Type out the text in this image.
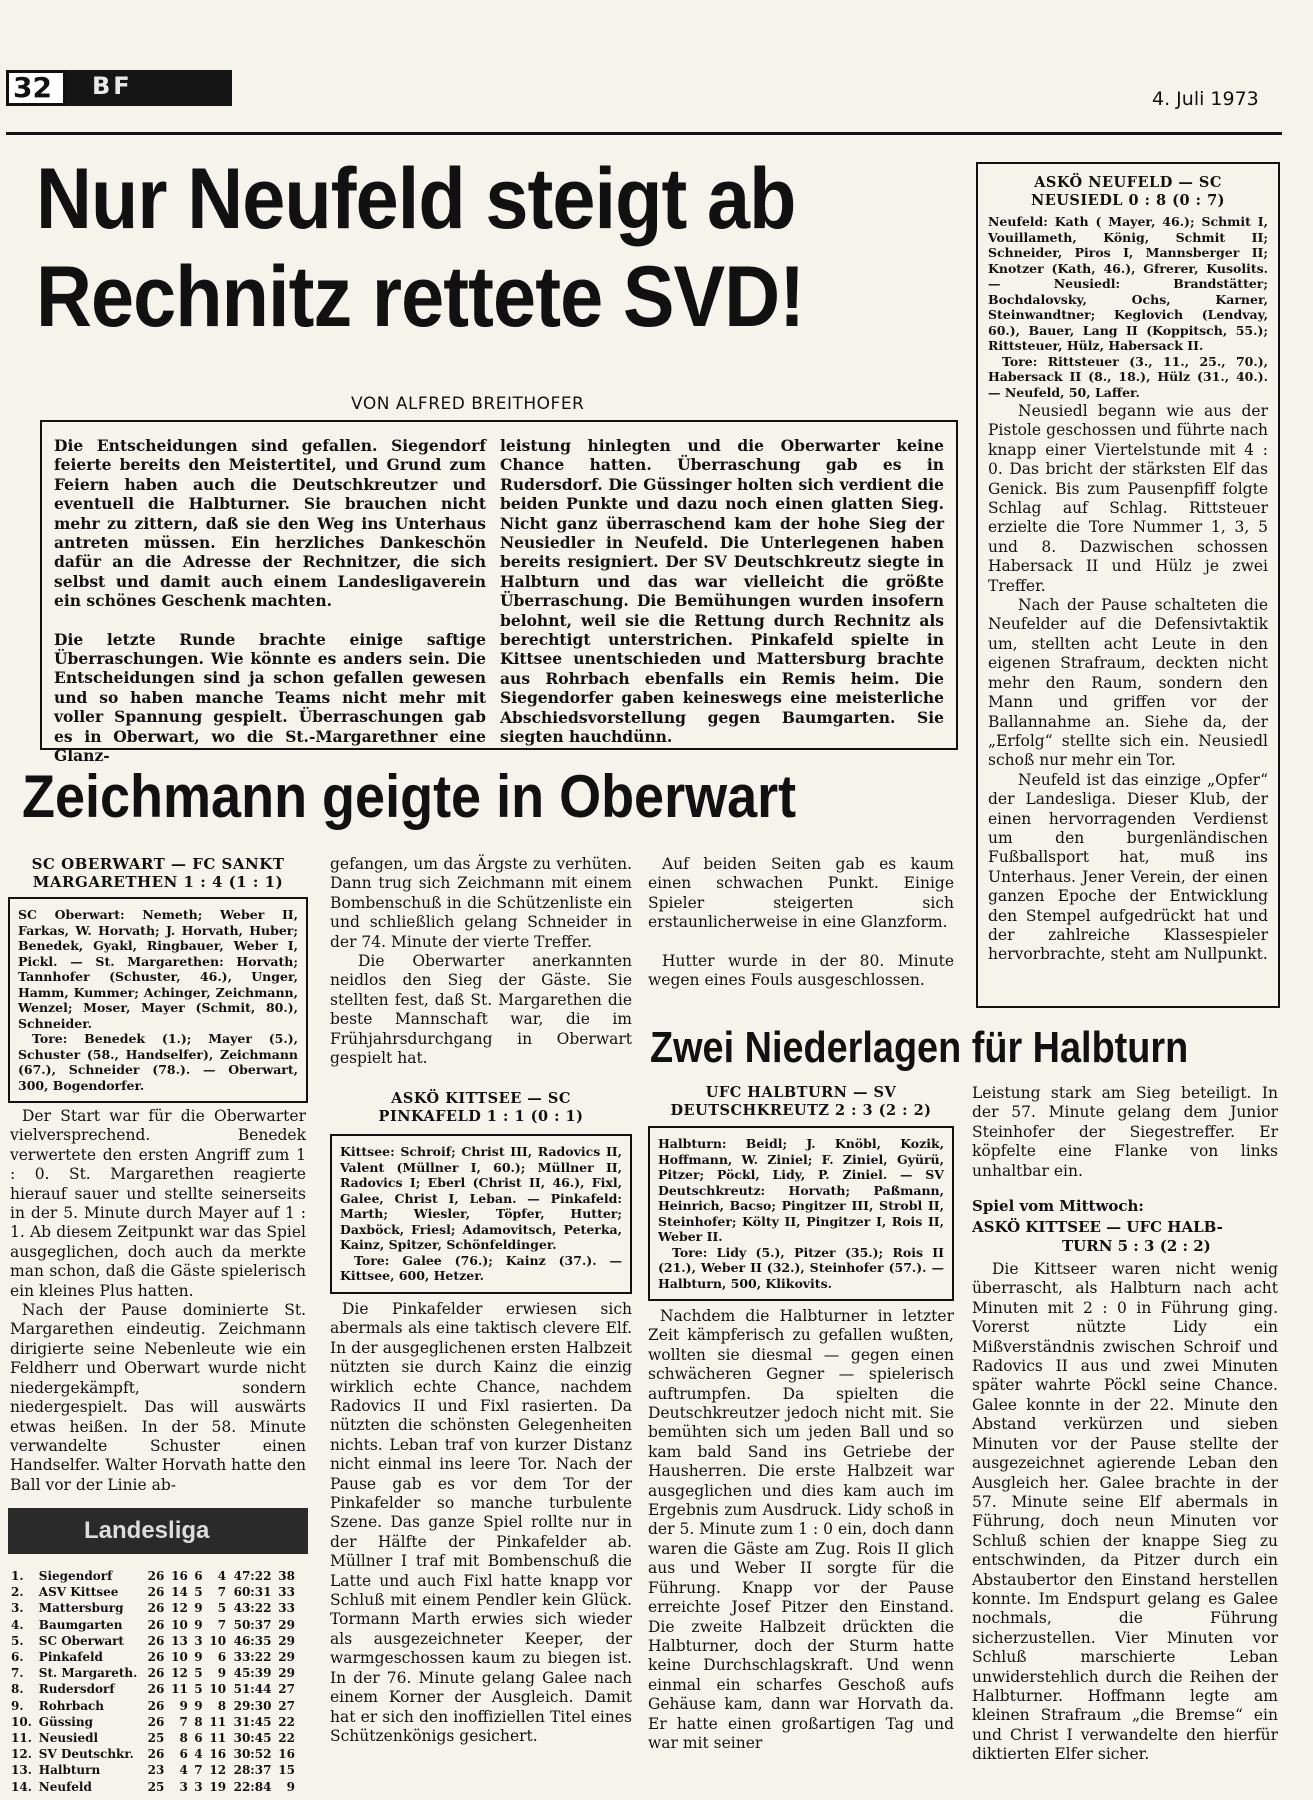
32 BF	4. Juli 1973
Nur Neufeld steigt ab
Rechnitz rettete SVD!
VON ALFRED BREITHOFER

Die Entscheidungen sind gefallen. Siegendorf feierte bereits den Meistertitel, und Grund zum Feiern haben auch die Deutschkreutzer und eventuell die Halbturner. Sie brauchen nicht mehr zu zittern, daß sie den Weg ins Unterhaus antreten müssen. Ein herzliches Dankeschön dafür an die Adresse der Rechnitzer, die sich selbst und damit auch einem Landesligaverein ein schönes Geschenk machten.

Die letzte Runde brachte einige saftige Überraschungen. Wie könnte es anders sein. Die Entscheidungen sind ja schon gefallen gewesen und so haben manche Teams nicht mehr mit voller Spannung gespielt. Überraschungen gab es in Oberwart, wo die St.-Margarethner eine Glanz-

leistung hinlegten und die Oberwarter keine Chance hatten. Überraschung gab es in Rudersdorf. Die Güssinger holten sich verdient die beiden Punkte und dazu noch einen glatten Sieg. Nicht ganz überraschend kam der hohe Sieg der Neusiedler in Neufeld. Die Unterlegenen haben bereits resigniert. Der SV Deutschkreutz siegte in Halbturn und das war vielleicht die größte Überraschung. Die Bemühungen wurden insofern belohnt, weil sie die Rettung durch Rechnitz als berechtigt unterstrichen. Pinkafeld spielte in Kittsee unentschieden und Mattersburg brachte aus Rohrbach ebenfalls ein Remis heim. Die Siegendorfer gaben keineswegs eine meisterliche Abschiedsvorstellung gegen Baumgarten. Sie siegten hauchdünn.

ASKÖ NEUFELD — SC
NEUSIEDL 0 : 8 (0 : 7)
Neufeld: Kath ( Mayer, 46.); Schmit I, Vouillameth, König, Schmit II; Schneider, Piros I, Mannsberger II; Knotzer (Kath, 46.), Gfrerer, Kusolits. — Neusiedl: Brandstätter; Bochdalovsky, Ochs, Karner, Steinwandtner; Keglovich (Lendvay, 60.), Bauer, Lang II (Koppitsch, 55.); Rittsteuer, Hülz, Habersack II.
Tore: Rittsteuer (3., 11., 25., 70.), Habersack II (8., 18.), Hülz (31., 40.). — Neufeld, 50, Laffer.

Neusiedl begann wie aus der Pistole geschossen und führte nach knapp einer Viertelstunde mit 4 : 0. Das bricht der stärksten Elf das Genick. Bis zum Pausenpfiff folgte Schlag auf Schlag. Rittsteuer erzielte die Tore Nummer 1, 3, 5 und 8. Dazwischen schossen Habersack II und Hülz je zwei Treffer.

Nach der Pause schalteten die Neufelder auf die Defensivtaktik um, stellten acht Leute in den eigenen Strafraum, deckten nicht mehr den Raum, sondern den Mann und griffen vor der Ballannahme an. Siehe da, der „Erfolg“ stellte sich ein. Neusiedl schoß nur mehr ein Tor.

Neufeld ist das einzige „Opfer“ der Landesliga. Dieser Klub, der einen hervorragenden Verdienst um den burgenländischen Fußballsport hat, muß ins Unterhaus. Jener Verein, der einen ganzen Epoche der Entwicklung den Stempel aufgedrückt hat und der zahlreiche Klassespieler hervorbrachte, steht am Nullpunkt.

Zeichmann geigte in Oberwart
SC OBERWART — FC SANKT
MARGARETHEN 1 : 4 (1 : 1)
SC Oberwart: Nemeth; Weber II, Farkas, W. Horvath; J. Horvath, Huber; Benedek, Gyakl, Ringbauer, Weber I, Pickl. — St. Margarethen: Horvath; Tannhofer (Schuster, 46.), Unger, Hamm, Kummer; Achinger, Zeichmann, Wenzel; Moser, Mayer (Schmit, 80.), Schneider.
Tore: Benedek (1.); Mayer (5.), Schuster (58., Handselfer), Zeichmann (67.), Schneider (78.). — Oberwart, 300, Bogendorfer.

Der Start war für die Oberwarter vielversprechend. Benedek verwertete den ersten Angriff zum 1 : 0. St. Margarethen reagierte hierauf sauer und stellte seinerseits in der 5. Minute durch Mayer auf 1 : 1. Ab diesem Zeitpunkt war das Spiel ausgeglichen, doch auch da merkte man schon, daß die Gäste spielerisch ein kleines Plus hatten.

Nach der Pause dominierte St. Margarethen eindeutig. Zeichmann dirigierte seine Nebenleute wie ein Feldherr und Oberwart wurde nicht niedergekämpft, sondern niedergespielt. Das will auswärts etwas heißen. In der 58. Minute verwandelte Schuster einen Handselfer. Walter Horvath hatte den Ball vor der Linie ab-

Landesliga
1.	Siegendorf	26	16	6	4	47:22	38
2.	ASV Kittsee	26	14	5	7	60:31	33
3.	Mattersburg	26	12	9	5	43:22	33
4.	Baumgarten	26	10	9	7	50:37	29
5.	SC Oberwart	26	13	3	10	46:35	29
6.	Pinkafeld	26	10	9	6	33:22	29
7.	St. Margareth.	26	12	5	9	45:39	29
8.	Rudersdorf	26	11	5	10	51:44	27
9.	Rohrbach	26	9	9	8	29:30	27
10.	Güssing	26	7	8	11	31:45	22
11.	Neusiedl	25	8	6	11	30:45	22
12.	SV Deutschkr.	26	6	4	16	30:52	16
13.	Halbturn	23	4	7	12	28:37	15
14.	Neufeld	25	3	3	19	22:84	9

gefangen, um das Ärgste zu verhüten. Dann trug sich Zeichmann mit einem Bombenschuß in die Schützenliste ein und schließlich gelang Schneider in der 74. Minute der vierte Treffer.

Die Oberwarter anerkannten neidlos den Sieg der Gäste. Sie stellten fest, daß St. Margarethen die beste Mannschaft war, die im Frühjahrsdurchgang in Oberwart gespielt hat.

ASKÖ KITTSEE — SC
PINKAFELD 1 : 1 (0 : 1)
Kittsee: Schroif; Christ III, Radovics II, Valent (Müllner I, 60.); Müllner II, Radovics I; Eberl (Christ II, 46.), Fixl, Galee, Christ I, Leban. — Pinkafeld: Marth; Wiesler, Töpfer, Hutter; Daxböck, Friesl; Adamovitsch, Peterka, Kainz, Spitzer, Schönfeldinger.
Tore: Galee (76.); Kainz (37.). — Kittsee, 600, Hetzer.

Die Pinkafelder erwiesen sich abermals als eine taktisch clevere Elf. In der ausgeglichenen ersten Halbzeit nützten sie durch Kainz die einzig wirklich echte Chance, nachdem Radovics II und Fixl rasierten. Da nützten die schönsten Gelegenheiten nichts. Leban traf von kurzer Distanz nicht einmal ins leere Tor. Nach der Pause gab es vor dem Tor der Pinkafelder so manche turbulente Szene. Das ganze Spiel rollte nur in der Hälfte der Pinkafelder ab. Müllner I traf mit Bombenschuß die Latte und auch Fixl hatte knapp vor Schluß mit einem Pendler kein Glück. Tormann Marth erwies sich wieder als ausgezeichneter Keeper, der warmgeschossen kaum zu biegen ist. In der 76. Minute gelang Galee nach einem Korner der Ausgleich. Damit hat er sich den inoffiziellen Titel eines Schützenkönigs gesichert.

Auf beiden Seiten gab es kaum einen schwachen Punkt. Einige Spieler steigerten sich erstaunlicherweise in eine Glanzform.

Hutter wurde in der 80. Minute wegen eines Fouls ausgeschlossen.

Zwei Niederlagen für Halbturn
UFC HALBTURN — SV
DEUTSCHKREUTZ 2 : 3 (2 : 2)
Halbturn: Beidl; J. Knöbl, Kozik, Hoffmann, W. Ziniel; F. Ziniel, Gyürü, Pitzer; Pöckl, Lidy, P. Ziniel. — SV Deutschkreutz: Horvath; Paßmann, Heinrich, Bacso; Pingitzer III, Strobl II, Steinhofer; Költy II, Pingitzer I, Rois II, Weber II.
Tore: Lidy (5.), Pitzer (35.); Rois II (21.), Weber II (32.), Steinhofer (57.). — Halbturn, 500, Klikovits.

Nachdem die Halbturner in letzter Zeit kämpferisch zu gefallen wußten, wollten sie diesmal — gegen einen schwächeren Gegner — spielerisch auftrumpfen. Da spielten die Deutschkreutzer jedoch nicht mit. Sie bemühten sich um jeden Ball und so kam bald Sand ins Getriebe der Hausherren. Die erste Halbzeit war ausgeglichen und dies kam auch im Ergebnis zum Ausdruck. Lidy schoß in der 5. Minute zum 1 : 0 ein, doch dann waren die Gäste am Zug. Rois II glich aus und Weber II sorgte für die Führung. Knapp vor der Pause erreichte Josef Pitzer den Einstand. Die zweite Halbzeit drückten die Halbturner, doch der Sturm hatte keine Durchschlagskraft. Und wenn einmal ein scharfes Geschoß aufs Gehäuse kam, dann war Horvath da. Er hatte einen großartigen Tag und war mit seiner

Leistung stark am Sieg beteiligt. In der 57. Minute gelang dem Junior Steinhofer der Siegestreffer. Er köpfelte eine Flanke von links unhaltbar ein.

Spiel vom Mittwoch:
ASKÖ KITTSEE — UFC HALB-
TURN 5 : 3 (2 : 2)

Die Kittseer waren nicht wenig überrascht, als Halbturn nach acht Minuten mit 2 : 0 in Führung ging. Vorerst nützte Lidy ein Mißverständnis zwischen Schroif und Radovics II aus und zwei Minuten später wahrte Pöckl seine Chance. Galee konnte in der 22. Minute den Abstand verkürzen und sieben Minuten vor der Pause stellte der ausgezeichnet agierende Leban den Ausgleich her. Galee brachte in der 57. Minute seine Elf abermals in Führung, doch neun Minuten vor Schluß schien der knappe Sieg zu entschwinden, da Pitzer durch ein Abstaubertor den Einstand herstellen konnte. Im Endspurt gelang es Galee nochmals, die Führung sicherzustellen. Vier Minuten vor Schluß marschierte Leban unwiderstehlich durch die Reihen der Halbturner. Hoffmann legte am kleinen Strafraum „die Bremse“ ein und Christ I verwandelte den hierfür diktierten Elfer sicher.
